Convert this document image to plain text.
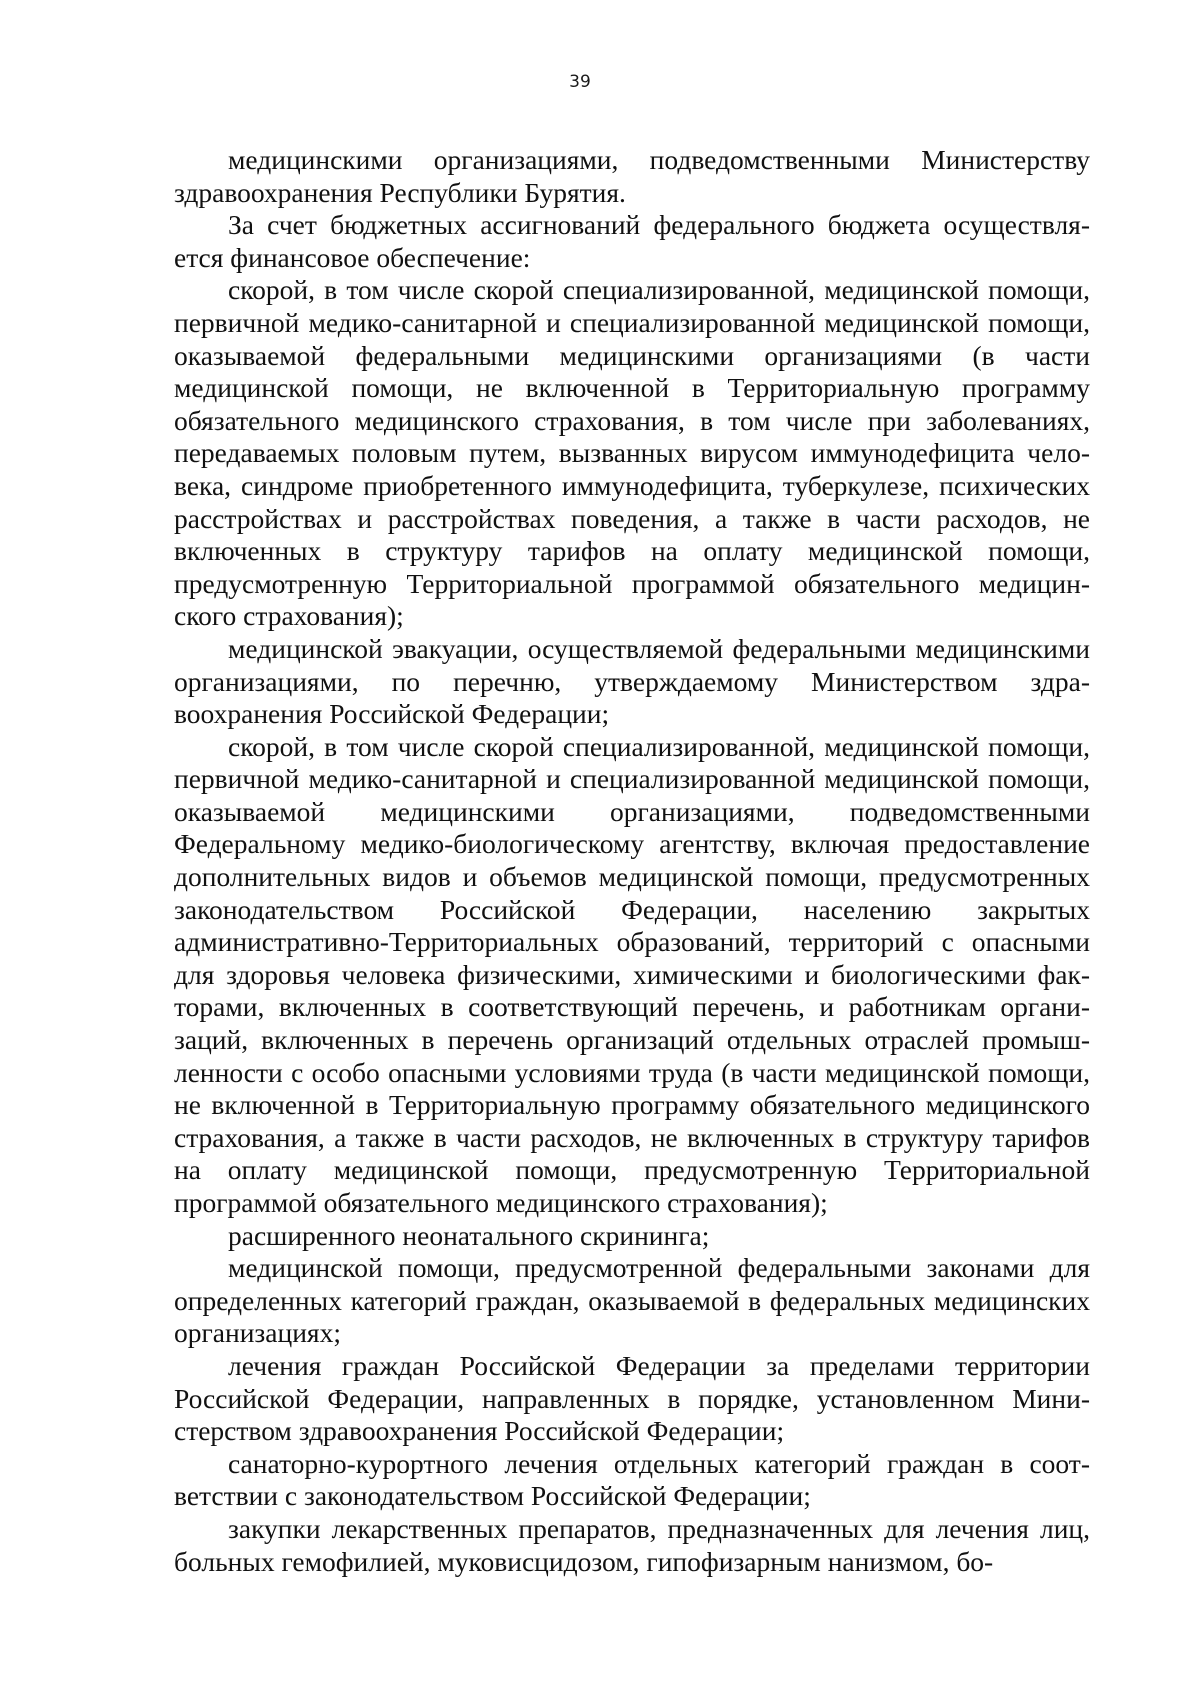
39

медицинскими организациями, подведомственными Министерству здравоохранения Республики Бурятия.

За счет бюджетных ассигнований федерального бюджета осуществляется финансовое обеспечение:

скорой, в том числе скорой специализированной, медицинской помощи, первичной медико-санитарной и специализированной медицинской помощи, оказываемой федеральными медицинскими организациями (в части медицинской помощи, не включенной в Территориальную программу обязательного медицинского страхования, в том числе при заболеваниях, передаваемых половым путем, вызванных вирусом иммунодефицита человека, синдроме приобретенного иммунодефицита, туберкулезе, психических расстройствах и расстройствах поведения, а также в части расходов, не включенных в структуру тарифов на оплату медицинской помощи, предусмотренную Территориальной программой обязательного медицинского страхования);

медицинской эвакуации, осуществляемой федеральными медицинскими организациями, по перечню, утверждаемому Министерством здравоохранения Российской Федерации;

скорой, в том числе скорой специализированной, медицинской помощи, первичной медико-санитарной и специализированной медицинской помощи, оказываемой медицинскими организациями, подведомственными Федеральному медико-биологическому агентству, включая предоставление дополнительных видов и объемов медицинской помощи, предусмотренных законодательством Российской Федерации, населению закрытых административно-Территориальных образований, территорий с опасными для здоровья человека физическими, химическими и биологическими факторами, включенных в соответствующий перечень, и работникам организаций, включенных в перечень организаций отдельных отраслей промышленности с особо опасными условиями труда (в части медицинской помощи, не включенной в Территориальную программу обязательного медицинского страхования, а также в части расходов, не включенных в структуру тарифов на оплату медицинской помощи, предусмотренную Территориальной программой обязательного медицинского страхования);

расширенного неонатального скрининга;

медицинской помощи, предусмотренной федеральными законами для определенных категорий граждан, оказываемой в федеральных медицинских организациях;

лечения граждан Российской Федерации за пределами территории Российской Федерации, направленных в порядке, установленном Министерством здравоохранения Российской Федерации;

санаторно-курортного лечения отдельных категорий граждан в соответствии с законодательством Российской Федерации;

закупки лекарственных препаратов, предназначенных для лечения лиц, больных гемофилией, муковисцидозом, гипофизарным нанизмом, бо-
